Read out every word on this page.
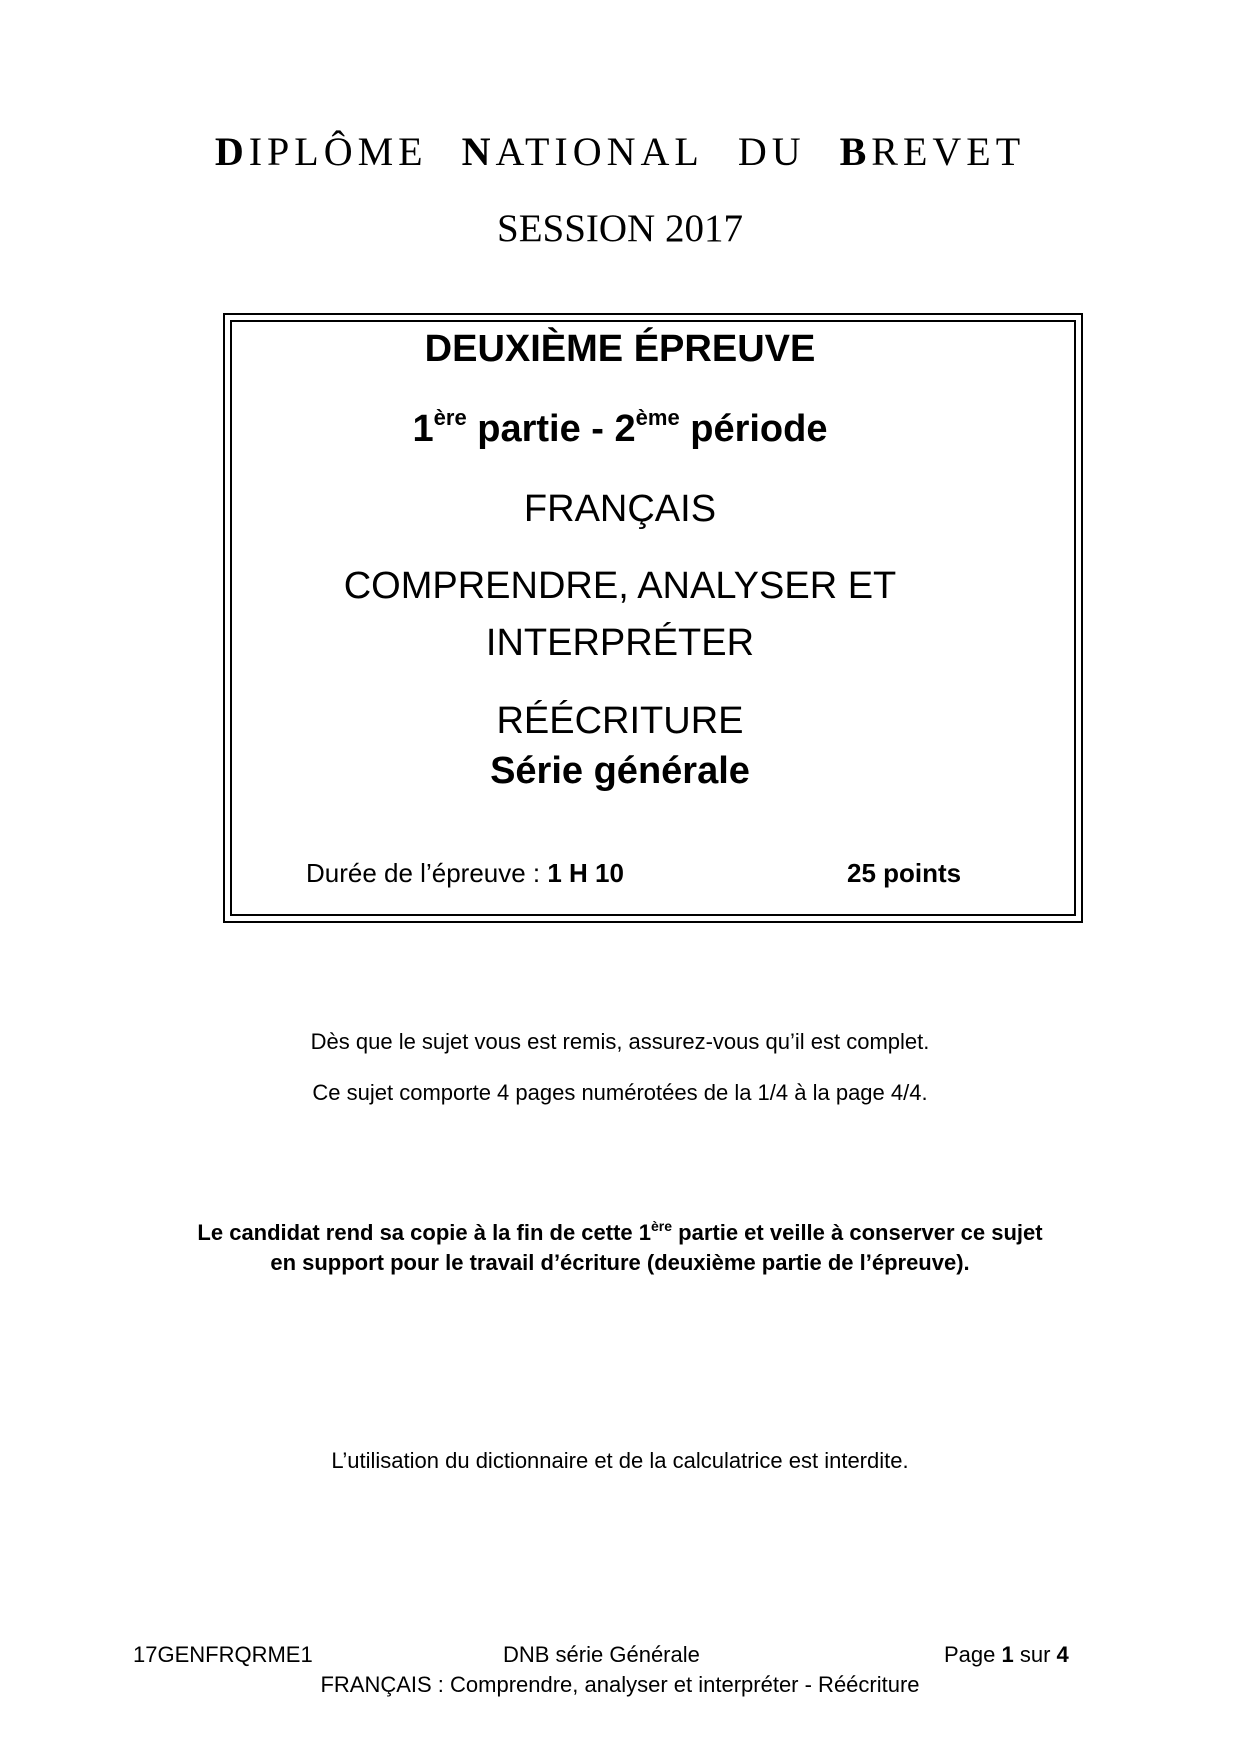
DIPLÔME NATIONAL DU BREVET
SESSION 2017
DEUXIÈME ÉPREUVE
1ère partie - 2ème période
FRANÇAIS
COMPRENDRE, ANALYSER ET
INTERPRÉTER
RÉÉCRITURE
Série générale
Durée de l’épreuve : 1 H 10	25 points
Dès que le sujet vous est remis, assurez-vous qu’il est complet.
Ce sujet comporte 4 pages numérotées de la 1/4 à la page 4/4.
Le candidat rend sa copie à la fin de cette 1ère partie et veille à conserver ce sujet
en support pour le travail d’écriture (deuxième partie de l’épreuve).
L’utilisation du dictionnaire et de la calculatrice est interdite.
17GENFRQRME1	DNB série Générale	Page 1 sur 4
FRANÇAIS : Comprendre, analyser et interpréter - Réécriture
